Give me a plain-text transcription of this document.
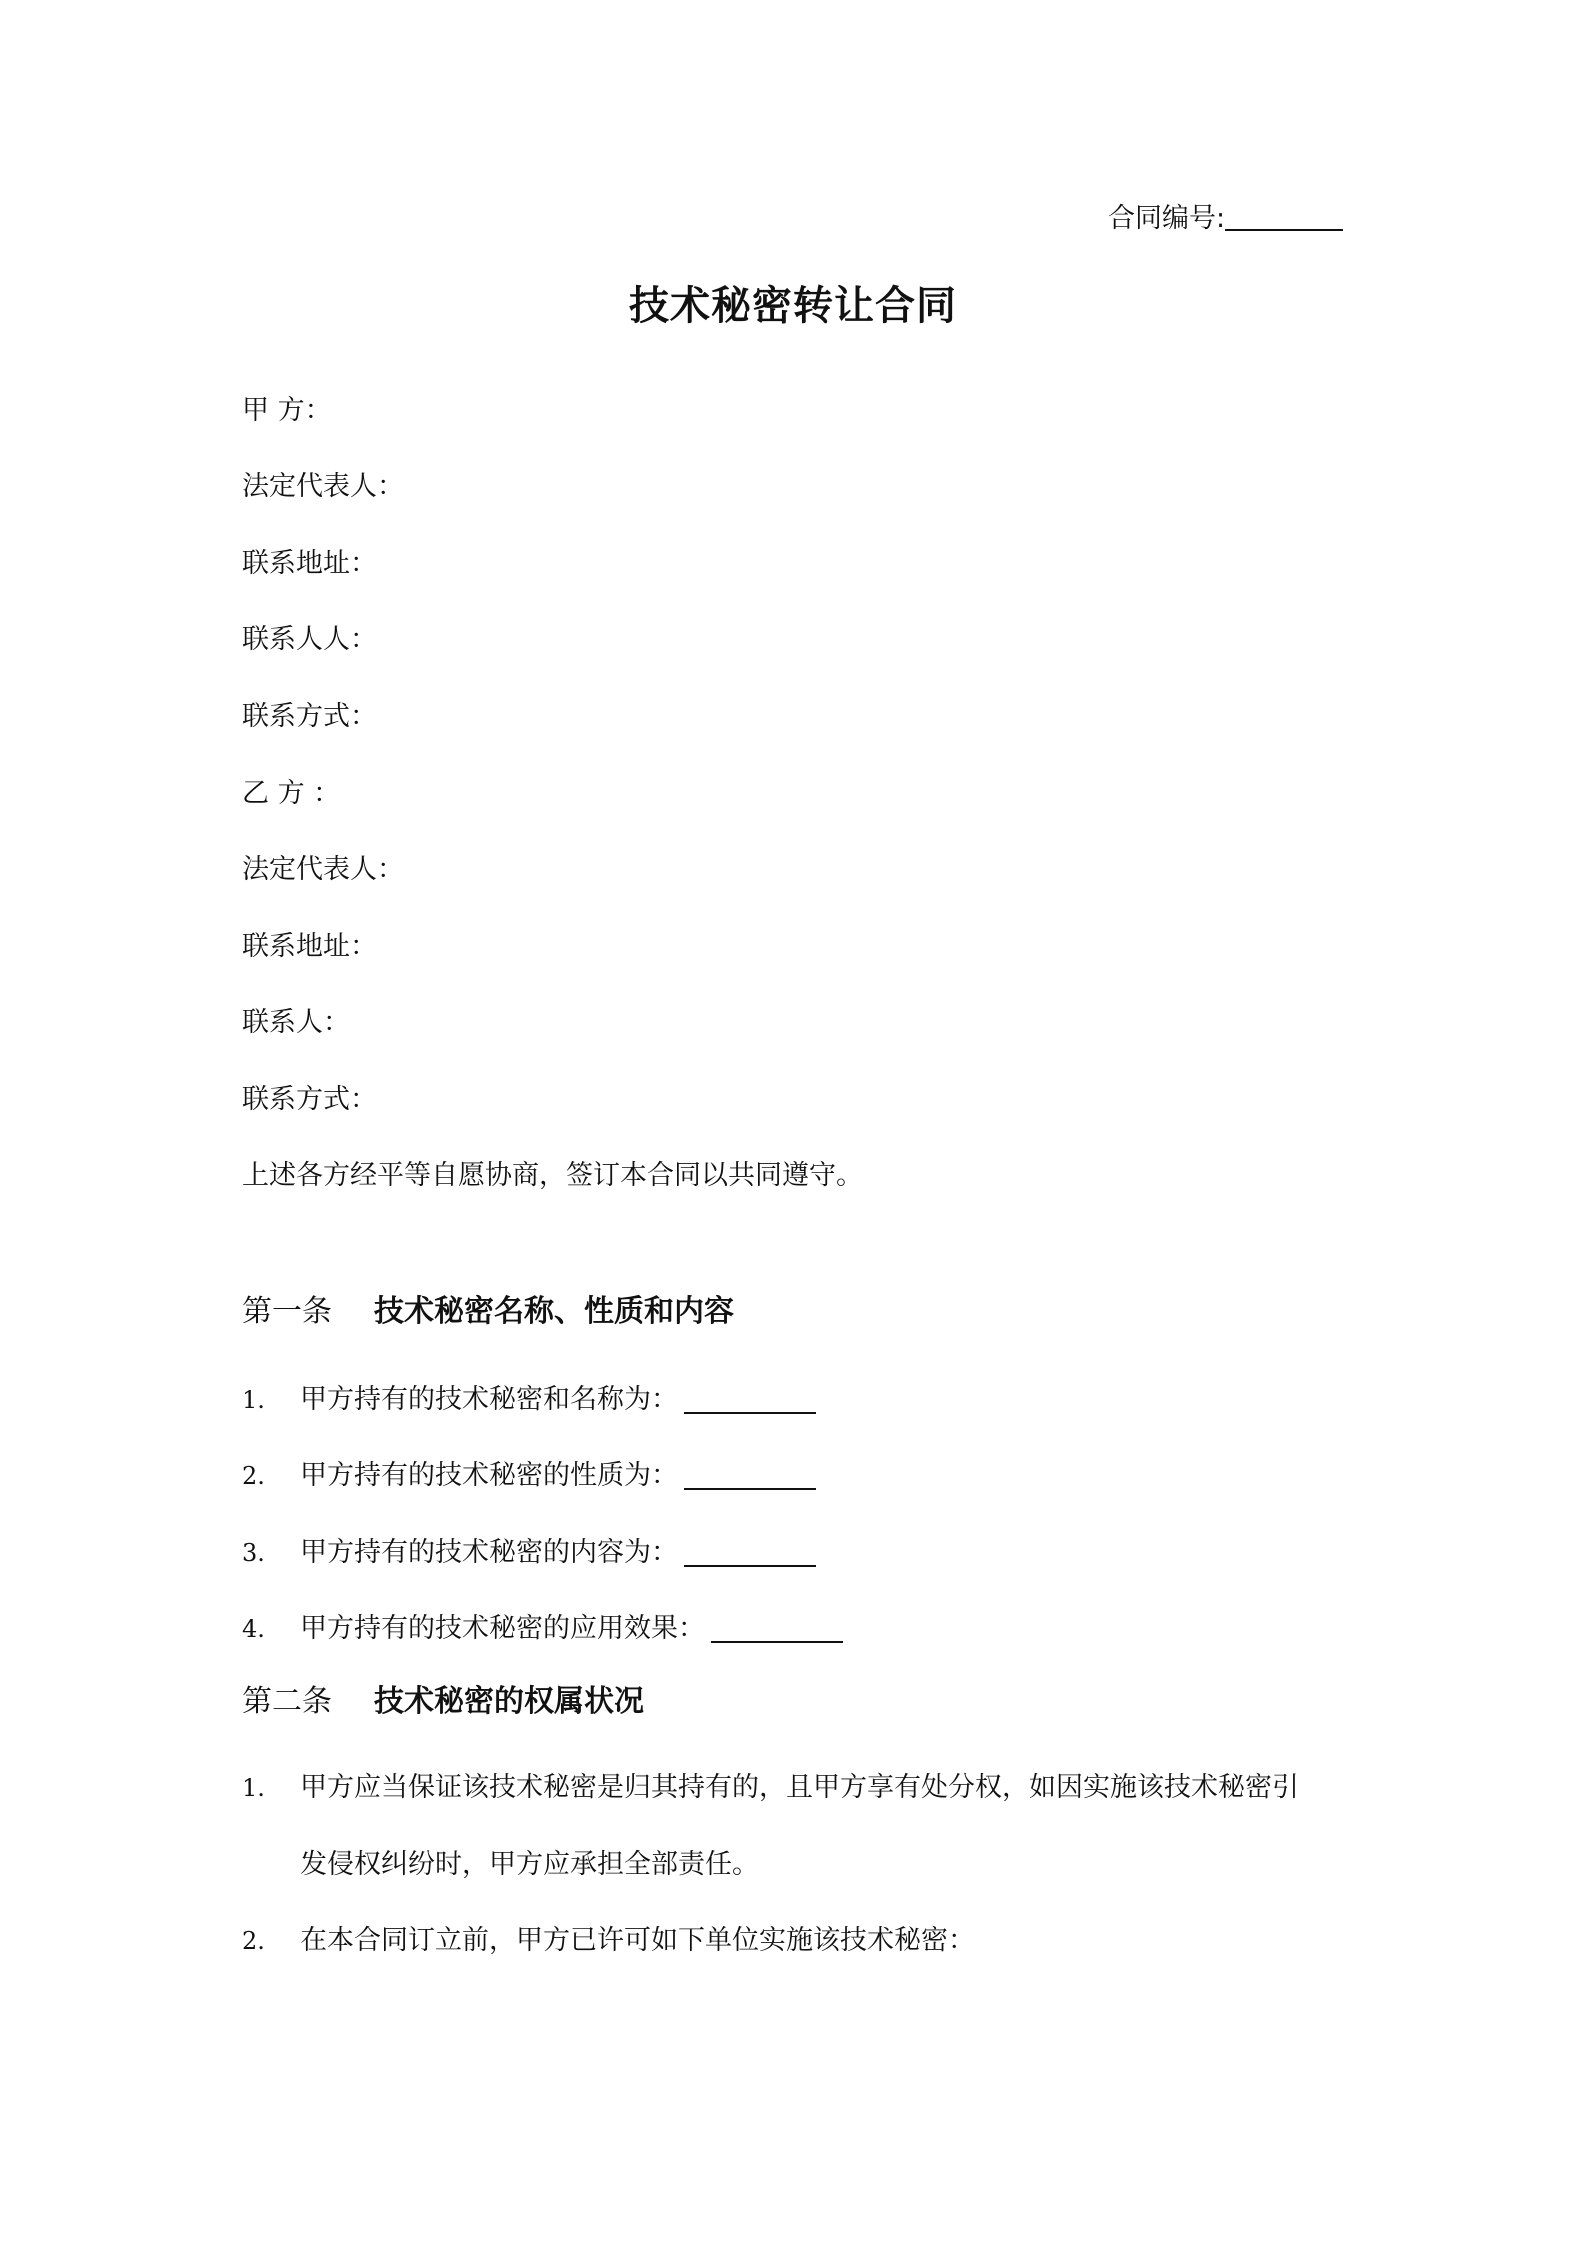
合同编号:
技术秘密转让合同
甲 方：
法定代表人：
联系地址：
联系人人：
联系方式：
乙 方 ：
法定代表人：
联系地址：
联系人：
联系方式：
上述各方经平等自愿协商，签订本合同以共同遵守。
第一条 技术秘密名称、性质和内容
1. 甲方持有的技术秘密和名称为：
2. 甲方持有的技术秘密的性质为：
3. 甲方持有的技术秘密的内容为：
4. 甲方持有的技术秘密的应用效果：
第二条 技术秘密的权属状况
1. 甲方应当保证该技术秘密是归其持有的，且甲方享有处分权，如因实施该技术秘密引
发侵权纠纷时，甲方应承担全部责任。
2. 在本合同订立前，甲方已许可如下单位实施该技术秘密：
